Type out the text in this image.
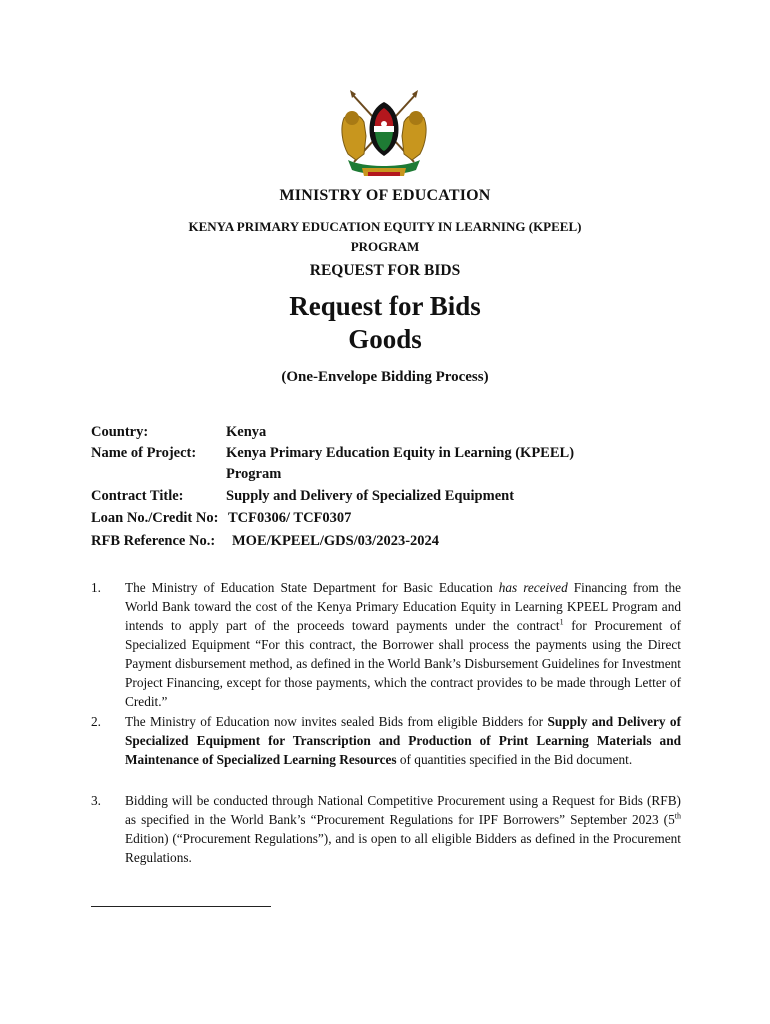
MINISTRY OF EDUCATION
KENYA PRIMARY EDUCATION EQUITY IN LEARNING (KPEEL)
PROGRAM
REQUEST FOR BIDS
Request for Bids
Goods
(One-Envelope Bidding Process)
Country:	Kenya
Name of Project: Kenya Primary Education Equity in Learning (KPEEL)
Program
Contract Title:	Supply and Delivery of Specialized Equipment
Loan No./Credit No: TCF0306/ TCF0307
RFB Reference No.: MOE/KPEEL/GDS/03/2023-2024
1. The Ministry of Education State Department for Basic Education has received Financing from the World Bank toward the cost of the Kenya Primary Education Equity in Learning KPEEL Program and intends to apply part of the proceeds toward payments under the contract$^1$ for Procurement of Specialized Equipment “For this contract, the Borrower shall process the payments using the Direct Payment disbursement method, as defined in the World Bank’s Disbursement Guidelines for Investment Project Financing, except for those payments, which the contract provides to be made through Letter of Credit.”
2. The Ministry of Education now invites sealed Bids from eligible Bidders for Supply and Delivery of Specialized Equipment for Transcription and Production of Print Learning Materials and Maintenance of Specialized Learning Resources of quantities specified in the Bid document.
3. Bidding will be conducted through National Competitive Procurement using a Request for Bids (RFB) as specified in the World Bank’s “Procurement Regulations for IPF Borrowers” September 2023 (5th Edition) (“Procurement Regulations”), and is open to all eligible Bidders as defined in the Procurement Regulations.
